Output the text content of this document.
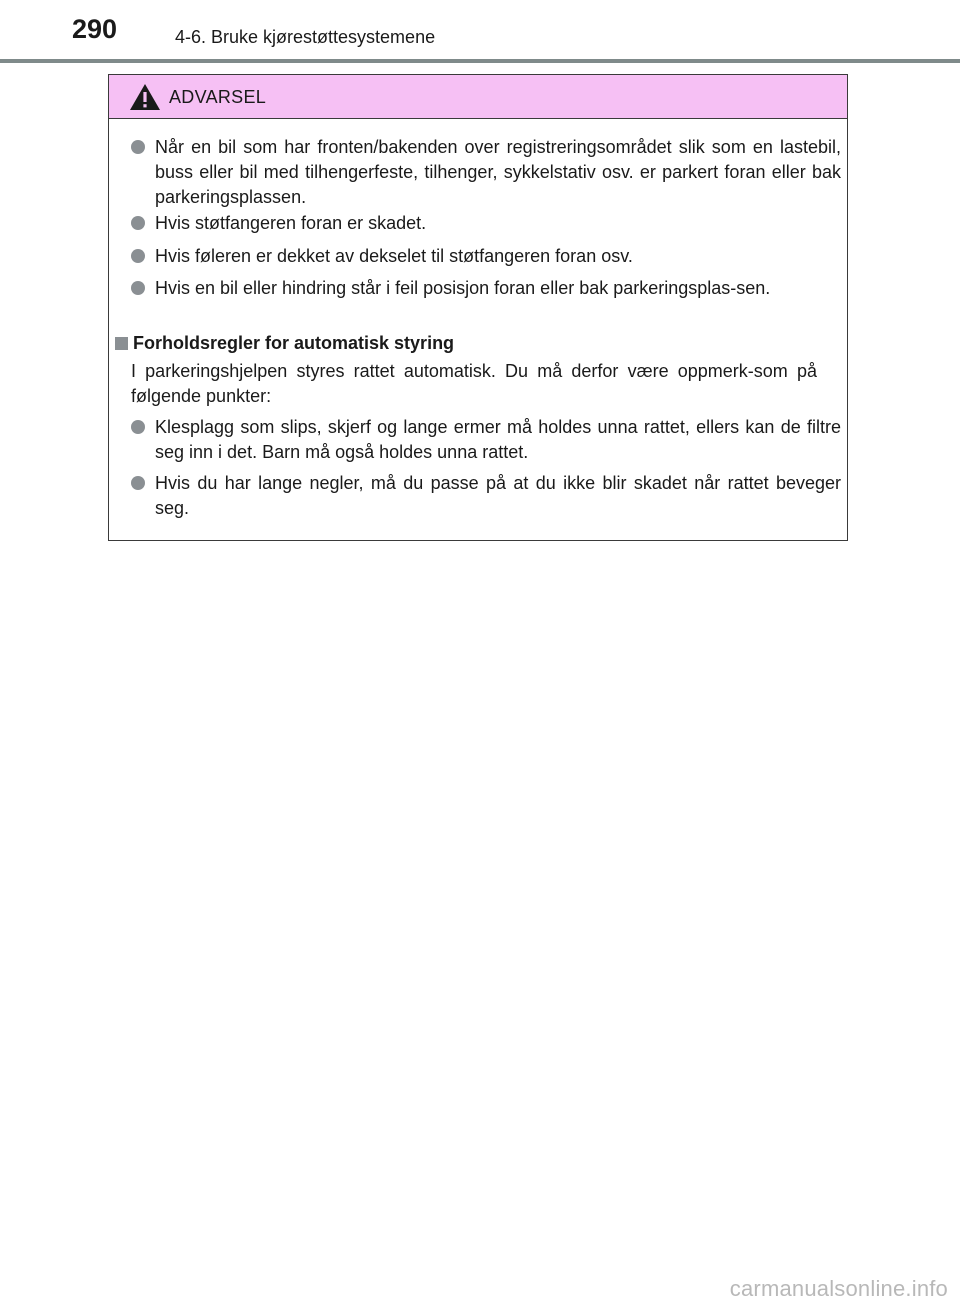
290	4-6. Bruke kjørestøttesystemene
ADVARSEL
Når en bil som har fronten/bakenden over registreringsområdet slik som en lastebil, buss eller bil med tilhengerfeste, tilhenger, sykkelstativ osv. er parkert foran eller bak parkeringsplassen.
Hvis støtfangeren foran er skadet.
Hvis føleren er dekket av dekselet til støtfangeren foran osv.
Hvis en bil eller hindring står i feil posisjon foran eller bak parkeringsplas-sen.
Forholdsregler for automatisk styring
I parkeringshjelpen styres rattet automatisk. Du må derfor være oppmerk-som på følgende punkter:
Klesplagg som slips, skjerf og lange ermer må holdes unna rattet, ellers kan de filtre seg inn i det. Barn må også holdes unna rattet.
Hvis du har lange negler, må du passe på at du ikke blir skadet når rattet beveger seg.
carmanualsonline.info
